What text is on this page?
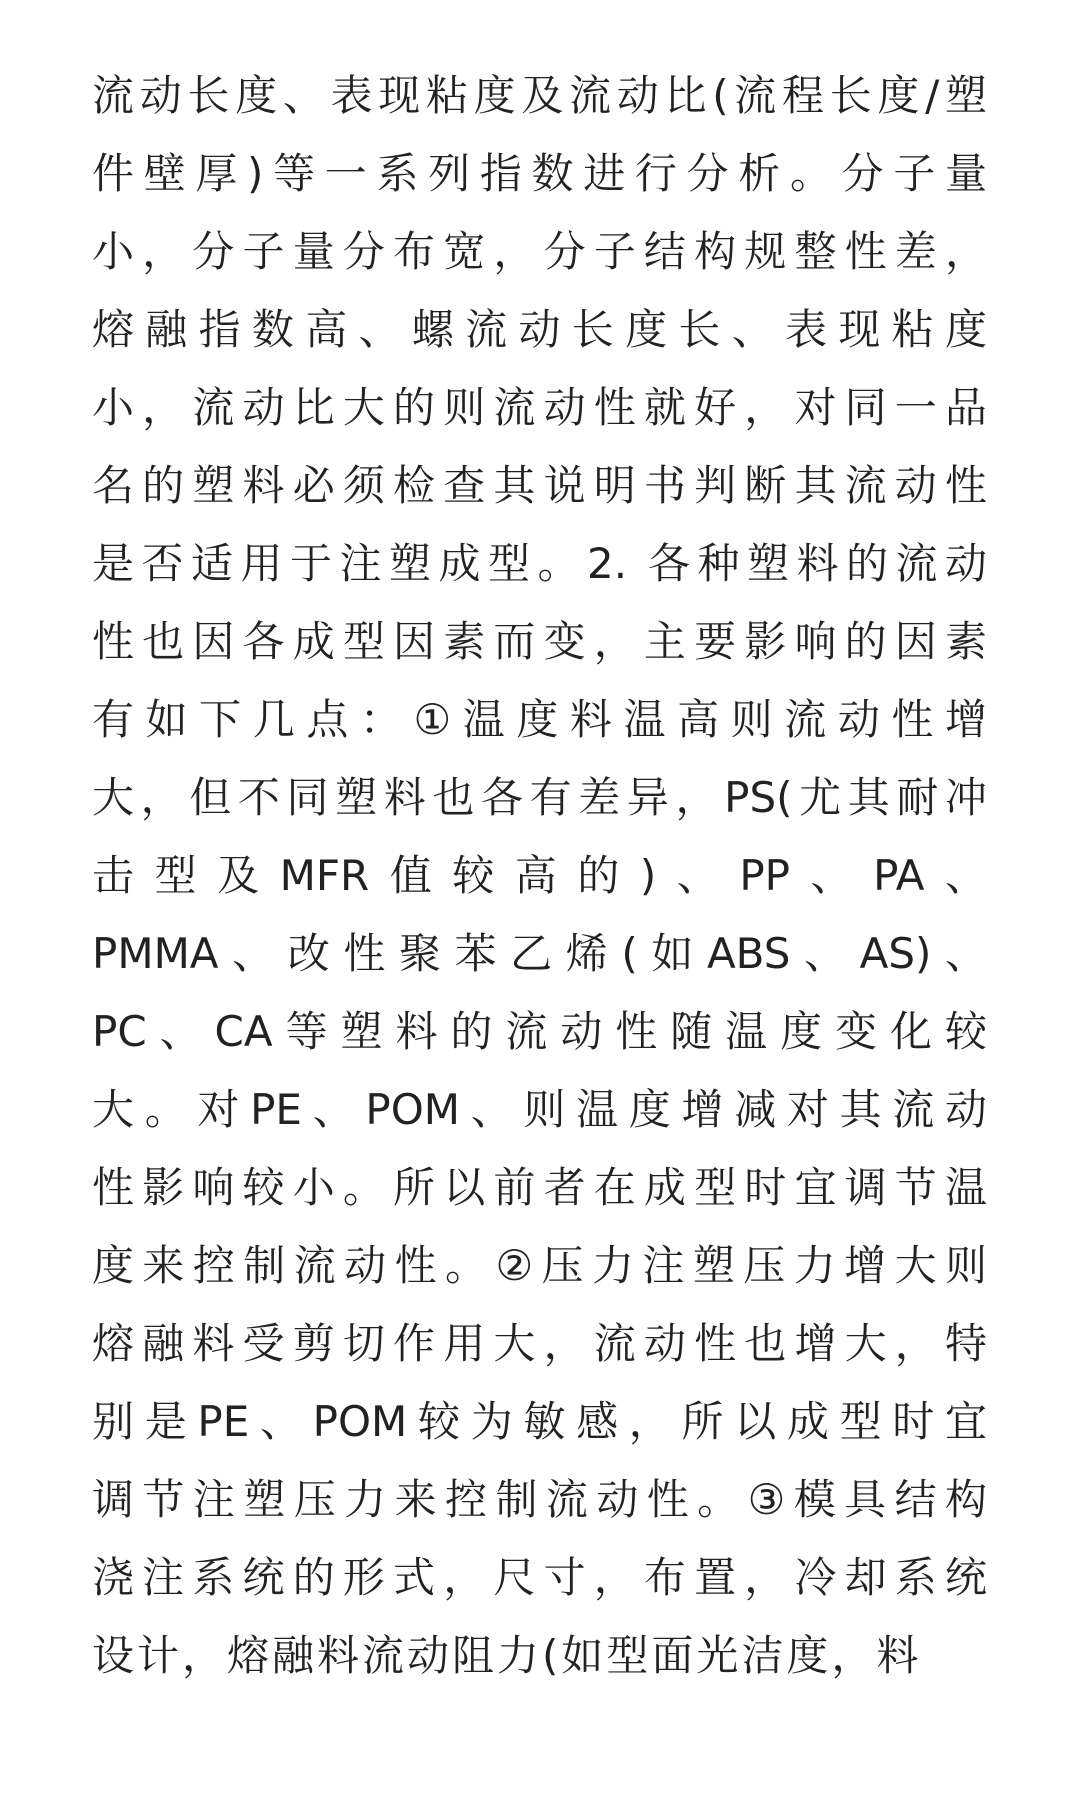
流动长度、表现粘度及流动比(流程长度/塑
件壁厚)等一系列指数进行分析。分子量
小，分子量分布宽，分子结构规整性差，
熔融指数高、螺流动长度长、表现粘度
小，流动比大的则流动性就好，对同一品
名的塑料必须检查其说明书判断其流动性
是否适用于注塑成型。2. 各种塑料的流动
性也因各成型因素而变，主要影响的因素
有如下几点：①温度料温高则流动性增
大，但不同塑料也各有差异，PS(尤其耐冲
击型及MFR值较高的)、PP、PA、
PMMA、改性聚苯乙烯(如ABS、AS)、
PC、CA等塑料的流动性随温度变化较
大。对PE、POM、则温度增减对其流动
性影响较小。所以前者在成型时宜调节温
度来控制流动性。②压力注塑压力增大则
熔融料受剪切作用大，流动性也增大，特
别是PE、POM较为敏感，所以成型时宜
调节注塑压力来控制流动性。③模具结构
浇注系统的形式，尺寸，布置，冷却系统
设计，熔融料流动阻力(如型面光洁度，料
